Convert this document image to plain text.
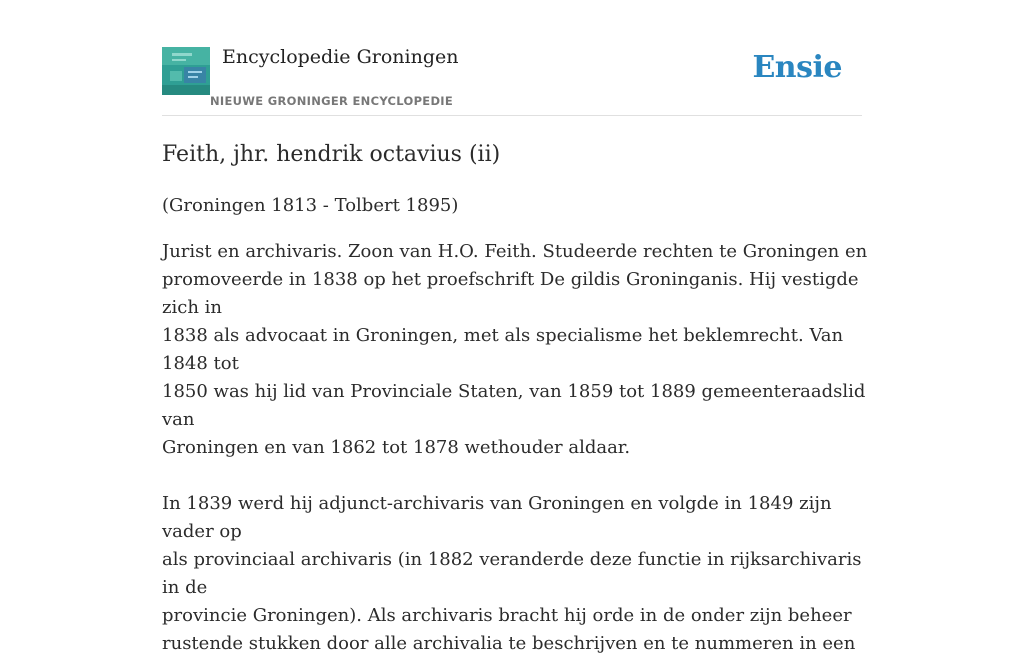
Encyclopedie Groningen
NIEUWE GRONINGER ENCYCLOPEDIE
Ensie
Feith, jhr. hendrik octavius (ii)

(Groningen 1813 - Tolbert 1895)

Jurist en archivaris. Zoon van H.O. Feith. Studeerde rechten te Groningen en
promoveerde in 1838 op het proefschrift De gildis Groninganis. Hij vestigde zich in
1838 als advocaat in Groningen, met als specialisme het beklemrecht. Van 1848 tot
1850 was hij lid van Provinciale Staten, van 1859 tot 1889 gemeenteraadslid van
Groningen en van 1862 tot 1878 wethouder aldaar.

In 1839 werd hij adjunct-archivaris van Groningen en volgde in 1849 zijn vader op
als provinciaal archivaris (in 1882 veranderde deze functie in rijksarchivaris in de
provincie Groningen). Als archivaris bracht hij orde in de onder zijn beheer
rustende stukken door alle archivalia te beschrijven en te nummeren in een
